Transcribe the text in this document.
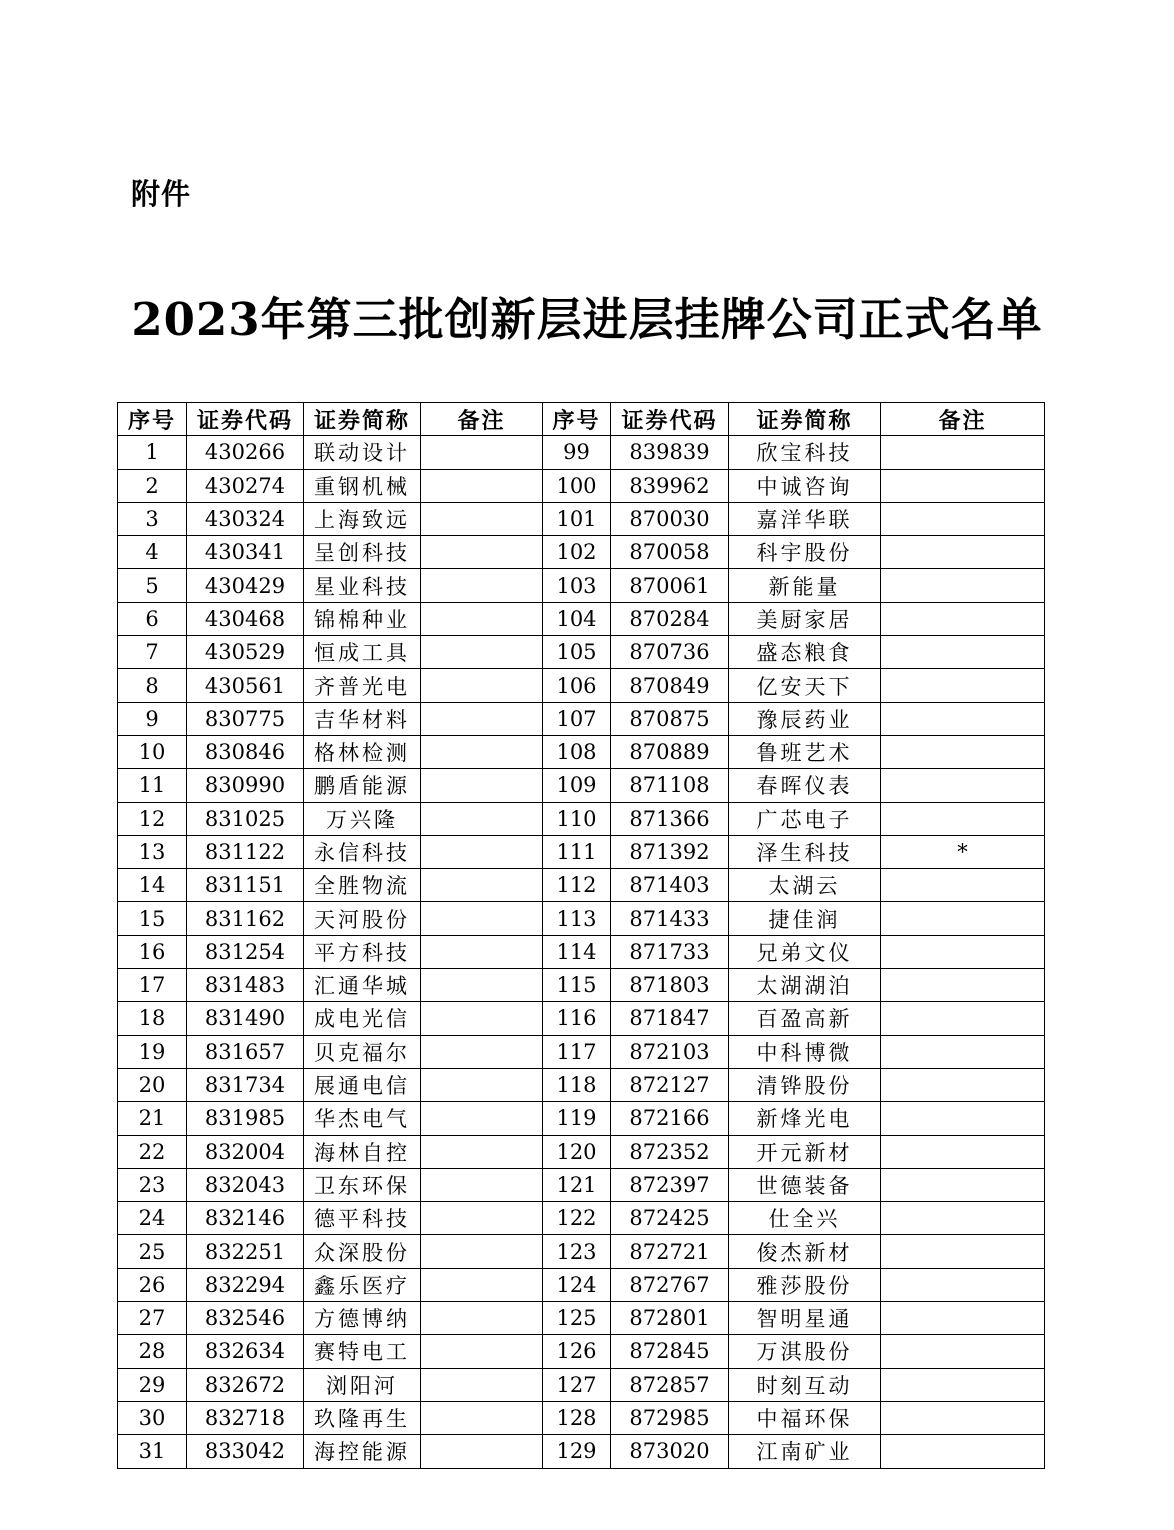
附件
2023年第三批创新层进层挂牌公司正式名单
序号	证券代码	证券简称	备注	序号	证券代码	证券简称	备注
1	430266	联动设计		99	839839	欣宝科技	
2	430274	重钢机械		100	839962	中诚咨询	
3	430324	上海致远		101	870030	嘉洋华联	
4	430341	呈创科技		102	870058	科宇股份	
5	430429	星业科技		103	870061	新能量	
6	430468	锦棉种业		104	870284	美厨家居	
7	430529	恒成工具		105	870736	盛态粮食	
8	430561	齐普光电		106	870849	亿安天下	
9	830775	吉华材料		107	870875	豫辰药业	
10	830846	格林检测		108	870889	鲁班艺术	
11	830990	鹏盾能源		109	871108	春晖仪表	
12	831025	万兴隆		110	871366	广芯电子	
13	831122	永信科技		111	871392	泽生科技	*
14	831151	全胜物流		112	871403	太湖云	
15	831162	天河股份		113	871433	捷佳润	
16	831254	平方科技		114	871733	兄弟文仪	
17	831483	汇通华城		115	871803	太湖湖泊	
18	831490	成电光信		116	871847	百盈高新	
19	831657	贝克福尔		117	872103	中科博微	
20	831734	展通电信		118	872127	清铧股份	
21	831985	华杰电气		119	872166	新烽光电	
22	832004	海林自控		120	872352	开元新材	
23	832043	卫东环保		121	872397	世德装备	
24	832146	德平科技		122	872425	仕全兴	
25	832251	众深股份		123	872721	俊杰新材	
26	832294	鑫乐医疗		124	872767	雅莎股份	
27	832546	方德博纳		125	872801	智明星通	
28	832634	赛特电工		126	872845	万淇股份	
29	832672	浏阳河		127	872857	时刻互动	
30	832718	玖隆再生		128	872985	中福环保	
31	833042	海控能源		129	873020	江南矿业	
